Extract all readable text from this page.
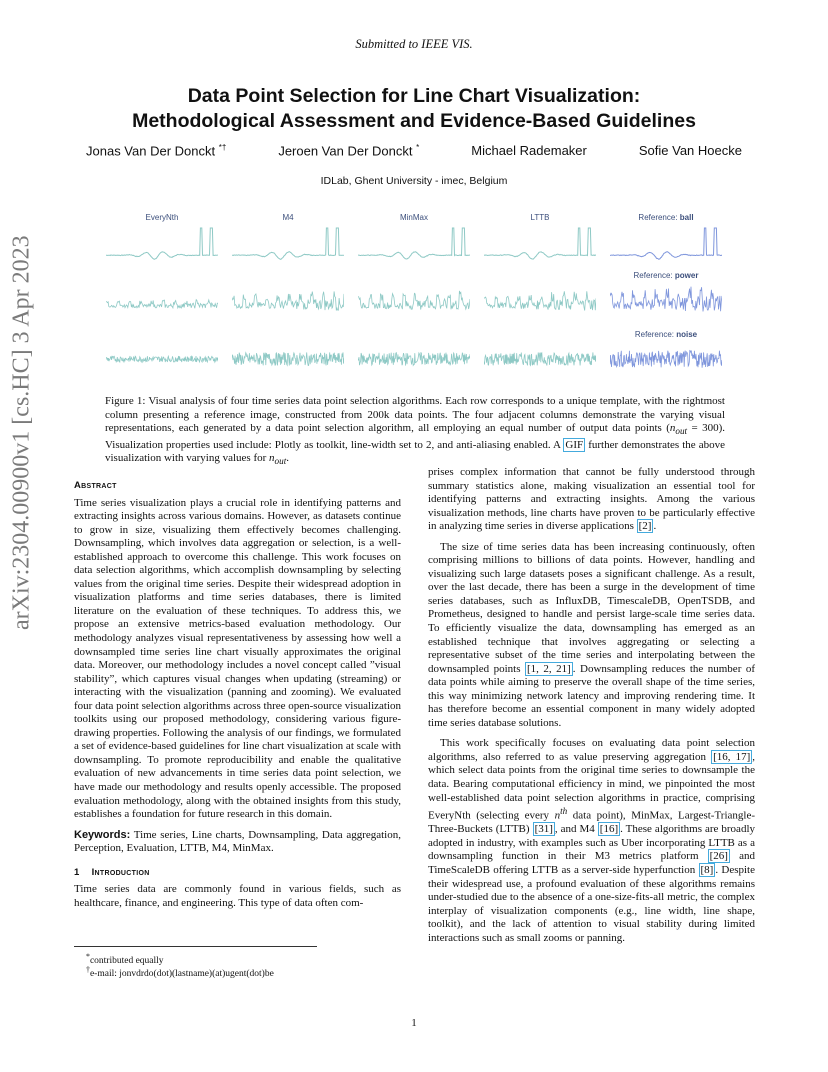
Submitted to IEEE VIS.
Data Point Selection for Line Chart Visualization:
Methodological Assessment and Evidence-Based Guidelines
Jonas Van Der Donckt *†	Jeroen Van Der Donckt *	Michael Rademaker	Sofie Van Hoecke
IDLab, Ghent University - imec, Belgium
arXiv:2304.00900v1 [cs.HC] 3 Apr 2023
EveryNth	M4	MinMax	LTTB	Reference: ball
Reference: power
Reference: noise
Figure 1: Visual analysis of four time series data point selection algorithms. Each row corresponds to a unique template, with the rightmost column presenting a reference image, constructed from 200k data points. The four adjacent columns demonstrate the varying visual representations, each generated by a data point selection algorithm, all employing an equal number of output data points $(n_{out} = 300)$. Visualization properties used include: Plotly as toolkit, line-width set to 2, and anti-aliasing enabled. A GIF further demonstrates the above visualization with varying values for $n_{out}$.
Abstract

Time series visualization plays a crucial role in identifying patterns and extracting insights across various domains. However, as datasets continue to grow in size, visualizing them effectively becomes challenging. Downsampling, which involves data aggregation or selection, is a well-established approach to overcome this challenge. This work focuses on data selection algorithms, which accomplish downsampling by selecting values from the original time series. Despite their widespread adoption in visualization platforms and time series databases, there is limited literature on the evaluation of these techniques. To address this, we propose an extensive metrics-based evaluation methodology. Our methodology analyzes visual representativeness by assessing how well a downsampled time series line chart visually approximates the original data. Moreover, our methodology includes a novel concept called ”visual stability”, which captures visual changes when updating (streaming) or interacting with the visualization (panning and zooming). We evaluated four data point selection algorithms across three open-source visualization toolkits using our proposed methodology, considering various figure-drawing properties. Following the analysis of our findings, we formulated a set of evidence-based guidelines for line chart visualization at scale with downsampling. To promote reproducibility and enable the qualitative evaluation of new advancements in time series data point selection, we have made our methodology and results openly accessible. The proposed evaluation methodology, along with the obtained insights from this study, establishes a foundation for future research in this domain.

Keywords: Time series, Line charts, Downsampling, Data aggregation, Perception, Evaluation, LTTB, M4, MinMax.

1 Introduction

Time series data are commonly found in various fields, such as healthcare, finance, and engineering. This type of data often com-

*contributed equally
†e-mail: jonvdrdo(dot)(lastname)(at)ugent(dot)be

prises complex information that cannot be fully understood through summary statistics alone, making visualization an essential tool for identifying patterns and extracting insights. Among the various visualization methods, line charts have proven to be particularly effective in analyzing time series in diverse applications [2] .

The size of time series data has been increasing continuously, often comprising millions to billions of data points. However, handling and visualizing such large datasets poses a significant challenge. As a result, over the last decade, there has been a surge in the development of time series databases, such as InfluxDB, TimescaleDB, OpenTSDB, and Prometheus, designed to handle and persist large-scale time series data. To efficiently visualize the data, downsampling has emerged as an established technique that involves aggregating or selecting a representative subset of the time series and interpolating between the downsampled points [1, 2, 21] . Downsampling reduces the number of data points while aiming to preserve the overall shape of the time series, this way minimizing network latency and improving rendering time. It has therefore become an essential component in many widely adopted time series database solutions.

This work specifically focuses on evaluating data point selection algorithms, also referred to as value preserving aggregation [16, 17] , which select data points from the original time series to downsample the data. Bearing computational efficiency in mind, we pinpointed the most well-established data point selection algorithms in practice, comprising EveryNth (selecting every $n^{th}$ data point), MinMax, Largest-Triangle-Three-Buckets (LTTB) [31] , and M4 [16] . These algorithms are broadly adopted in industry, with examples such as Uber incorporating LTTB as a downsampling function in their M3 metrics platform [26] and TimeScaleDB offering LTTB as a server-side hyperfunction [8] . Despite their widespread use, a profound evaluation of these algorithms remains under-studied due to the absence of a one-size-fits-all metric, the complex interplay of visualization components (e.g., line width, line shape, toolkit), and the lack of attention to visual stability during limited interactions such as small zooms or panning.

1
